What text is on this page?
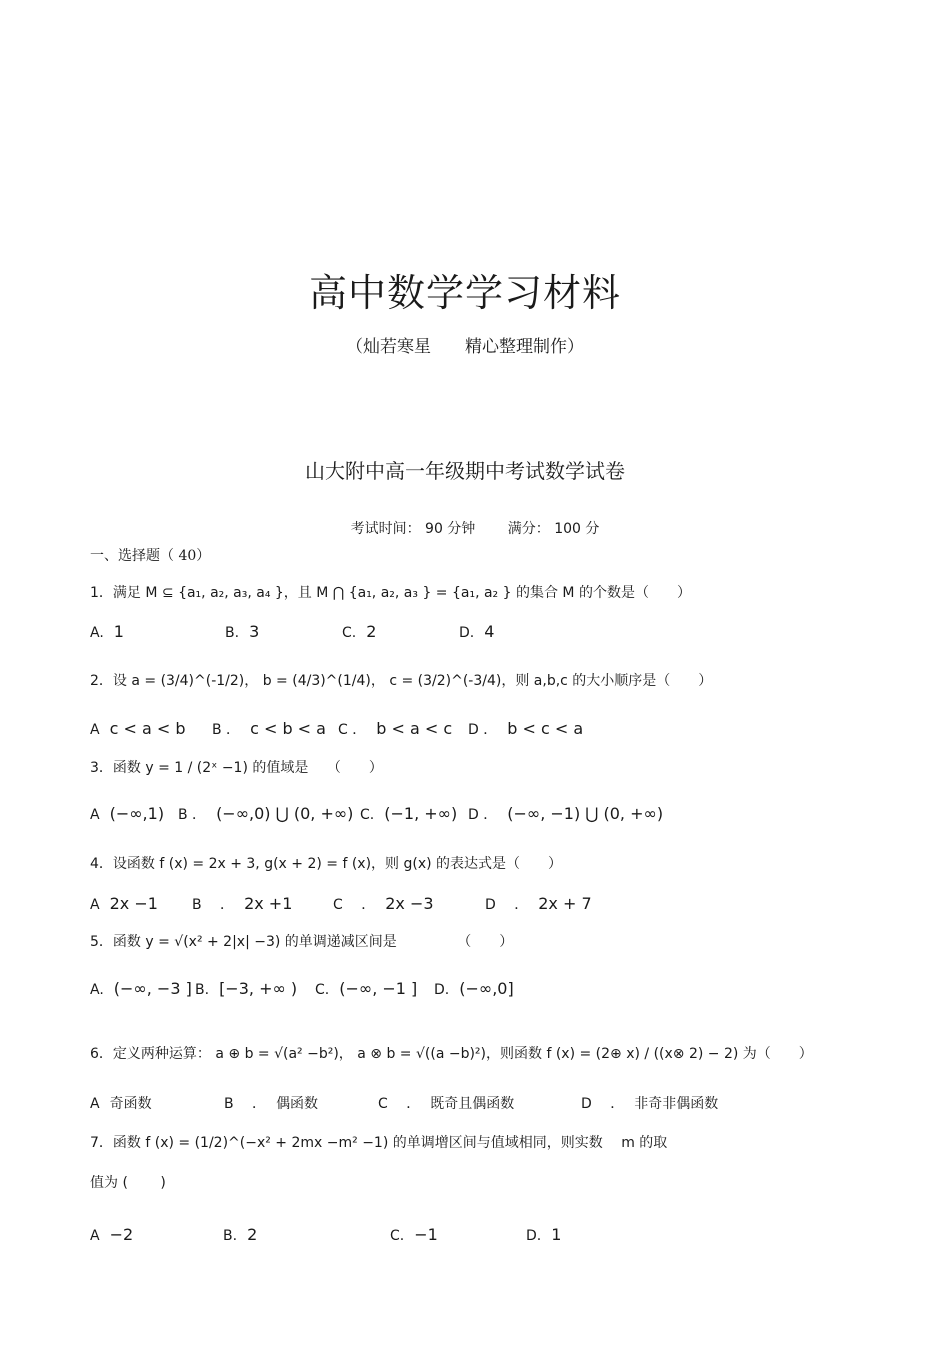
高中数学学习材料
（灿若寒星　　精心整理制作）
山大附中高一年级期中考试数学试卷
考试时间： 90 分钟　　 满分： 100 分
一、选择题（ 40）
1．满足 M ⊆ {a₁, a₂, a₃, a₄ }，且 M ⋂ {a₁, a₂, a₃ } = {a₁, a₂ } 的集合 M 的个数是（　　）
A. 1	B. 3	C. 2	D. 4
2．设 a = (3/4)^(-1/2)， b = (4/3)^(1/4)， c = (3/2)^(-3/4)，则 a,b,c 的大小顺序是（　　）
A c < a < b B ． c < b < a C ． b < a < c D ． b < c < a
3．函数 y = 1 / (2ˣ −1) 的值域是　 （　　）
A (−∞,1) B ． (−∞,0) ⋃ (0, +∞) C. (−1, +∞) D ． (−∞, −1) ⋃ (0, +∞)
4．设函数 f (x) = 2x + 3, g(x + 2) = f (x)，则 g(x) 的表达式是（　　）
A 2x −1 B　 ． 2x +1	C　 ． 2x −3	D　 ． 2x + 7
5．函数 y = √(x² + 2|x| −3) 的单调递减区间是　　　　 （　　）
A. (−∞, −3 ] B. [−3, +∞ ) C. (−∞, −1 ] D. (−∞,0]
6．定义两种运算： a ⊕ b = √(a² −b²)， a ⊗ b = √((a −b)²)，则函数 f (x) = (2⊕ x) / ((x⊗ 2) − 2) 为（　　）
A 奇函数	B　 ． 偶函数	C　 ． 既奇且偶函数	D　 ． 非奇非偶函数
7．函数 f (x) = (1/2)^(−x² + 2mx −m² −1) 的单调增区间与值域相同，则实数　 m 的取
值为 (　　 )
A −2	B. 2	C. −1	D. 1
